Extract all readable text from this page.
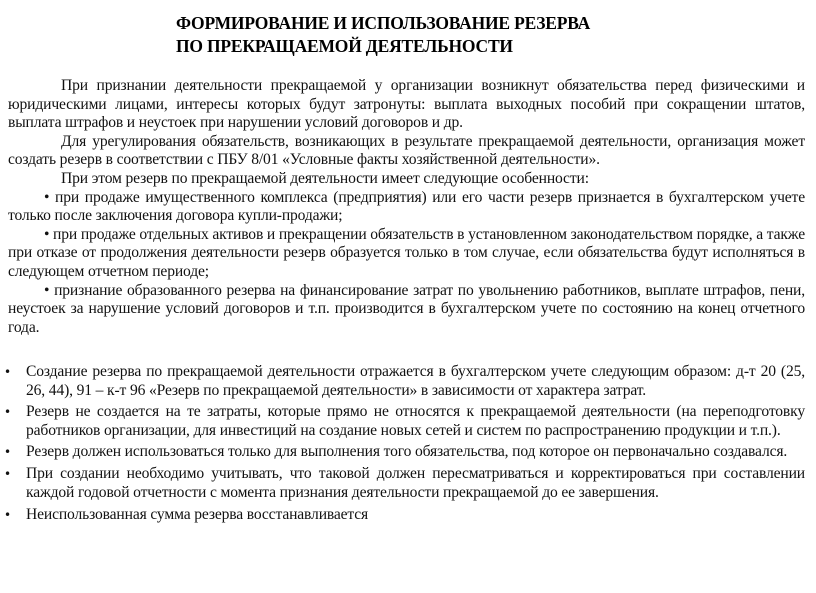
ФОРМИРОВАНИЕ И ИСПОЛЬЗОВАНИЕ РЕЗЕРВА
ПО ПРЕКРАЩАЕМОЙ ДЕЯТЕЛЬНОСТИ

При признании деятельности прекращаемой у организации возникнут обязательства перед физическими и юридическими лицами, интересы которых будут затронуты: выплата выходных пособий при сокращении штатов, выплата штрафов и неустоек при нарушении условий договоров и др.

Для урегулирования обязательств, возникающих в результате прекращаемой деятельности, организация может создать резерв в соответствии с ПБУ 8/01 «Условные факты хозяйственной деятельности».

При этом резерв по прекращаемой деятельности имеет следующие особенности:

• при продаже имущественного комплекса (предприятия) или его части резерв признается в бухгалтерском учете только после заключения договора купли-продажи;

• при продаже отдельных активов и прекращении обязательств в установленном законодательством порядке, а также при отказе от продолжения деятельности резерв образуется только в том случае, если обязательства будут исполняться в следующем отчетном периоде;

• признание образованного резерва на финансирование затрат по увольнению работников, выплате штрафов, пени, неустоек за нарушение условий договоров и т.п. производится в бухгалтерском учете по состоянию на конец отчетного года.

• Создание резерва по прекращаемой деятельности отражается в бухгалтерском учете следующим образом: д-т 20 (25, 26, 44), 91 – к-т 96 «Резерв по прекращаемой деятельности» в зависимости от характера затрат.
• Резерв не создается на те затраты, которые прямо не относятся к прекращаемой деятельности (на переподготовку работников организации, для инвестиций на создание новых сетей и систем по распространению продукции и т.п.).
• Резерв должен использоваться только для выполнения того обязательства, под которое он первоначально создавался.
• При создании необходимо учитывать, что таковой должен пересматриваться и корректироваться при составлении каждой годовой отчетности с момента признания деятельности прекращаемой до ее завершения.
• Неиспользованная сумма резерва восстанавливается
